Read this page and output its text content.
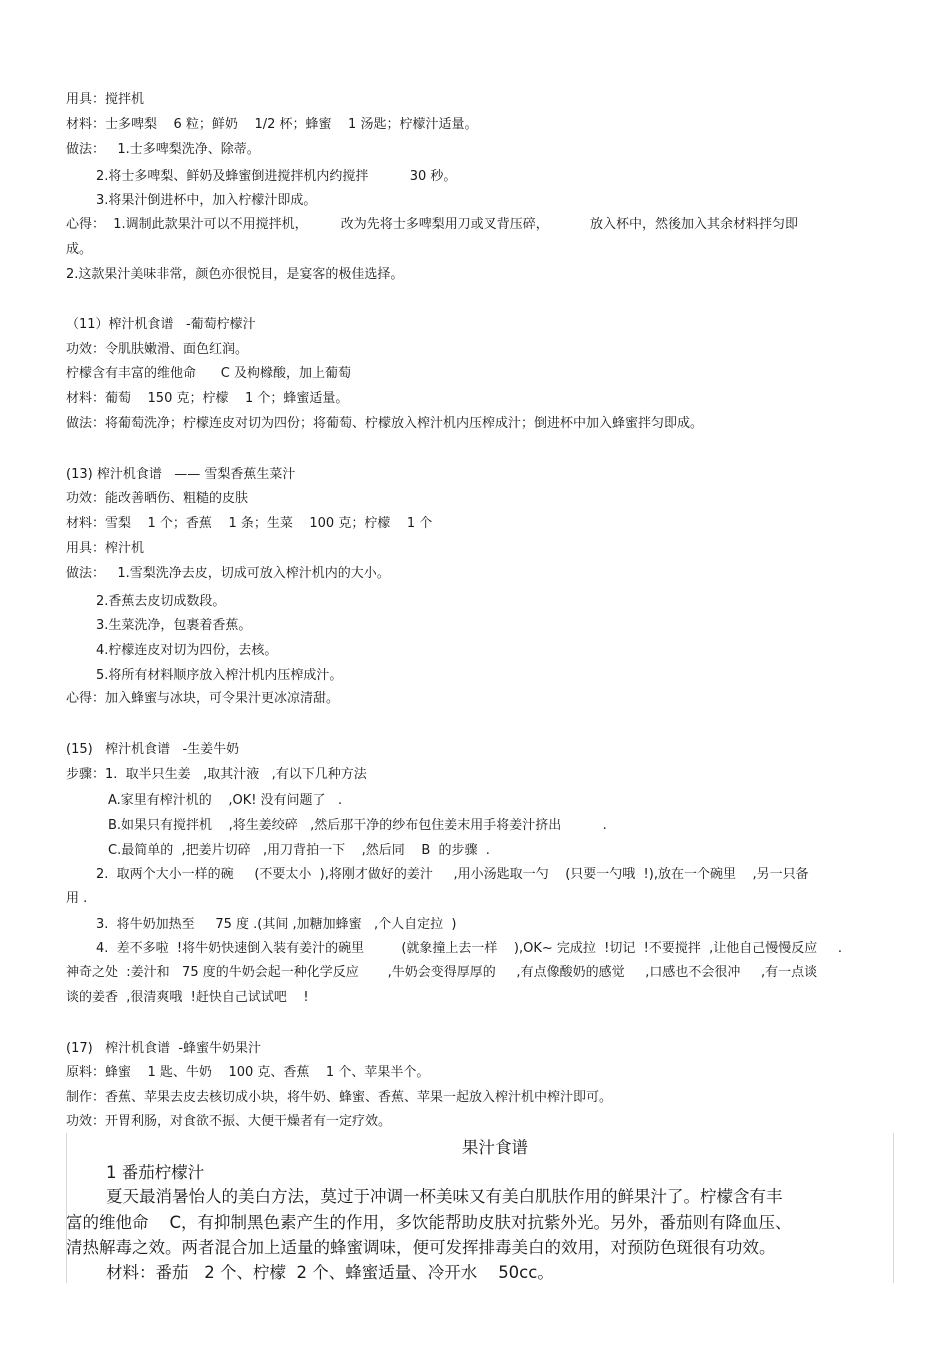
用具：搅拌机
材料：士多啤梨    6 粒；鲜奶    1/2 杯；蜂蜜    1 汤匙；柠檬汁适量。
做法：   1.士多啤梨洗净、除蒂。
2.将士多啤梨、鲜奶及蜂蜜倒进搅拌机内约搅拌          30 秒。
3.将果汁倒进杯中，加入柠檬汁即成。
心得：  1.调制此款果汁可以不用搅拌机，        改为先将士多啤梨用刀或叉背压碎，          放入杯中，然後加入其余材料拌匀即
成。
2.这款果汁美味非常，颜色亦很悦目，是宴客的极佳选择。
（11）榨汁机食谱   -葡萄柠檬汁
功效：令肌肤嫩滑、面色红润。
柠檬含有丰富的维他命      C 及枸橼酸，加上葡萄
材料：葡萄    150 克；柠檬    1 个；蜂蜜适量。
做法：将葡萄洗净；柠檬连皮对切为四份；将葡萄、柠檬放入榨汁机内压榨成汁；倒进杯中加入蜂蜜拌匀即成。
(13) 榨汁机食谱   —— 雪梨香蕉生菜汁
功效：能改善晒伤、粗糙的皮肤
材料：雪梨    1 个；香蕉    1 条；生菜    100 克；柠檬    1 个
用具：榨汁机
做法：   1.雪梨洗净去皮，切成可放入榨汁机内的大小。
2.香蕉去皮切成数段。
3.生菜洗净，包裹着香蕉。
4.柠檬连皮对切为四份，去核。
5.将所有材料顺序放入榨汁机内压榨成汁。
心得：加入蜂蜜与冰块，可令果汁更冰凉清甜。
(15)   榨汁机食谱   -生姜牛奶
步骤：1.  取半只生姜   ,取其汁液   ,有以下几种方法
A.家里有榨汁机的    ,OK! 没有问题了   .
B.如果只有搅拌机    ,将生姜绞碎   ,然后那干净的纱布包住姜末用手将姜汁挤出          .
C.最简单的  ,把姜片切碎   ,用刀背拍一下    ,然后同    B  的步骤  .
2.  取两个大小一样的碗     (不要太小  ),将刚才做好的姜汁     ,用小汤匙取一勺    (只要一勺哦  !),放在一个碗里    ,另一只备
用 .
3.  将牛奶加热至     75 度 .(其间 ,加糖加蜂蜜   ,个人自定拉  )
4.  差不多啦  !将牛奶快速倒入装有姜汁的碗里         (就象撞上去一样    ),OK~ 完成拉  !切记  !不要搅拌  ,让他自己慢慢反应     .
神奇之处  :姜汁和   75 度的牛奶会起一种化学反应       ,牛奶会变得厚厚的     ,有点像酸奶的感觉     ,口感也不会很冲     ,有一点谈
谈的姜香  ,很清爽哦  !赶快自己试试吧    !
(17)   榨汁机食谱  -蜂蜜牛奶果汁
原料：蜂蜜    1 匙、牛奶    100 克、香蕉    1 个、苹果半个。
制作：香蕉、苹果去皮去核切成小块，将牛奶、蜂蜜、香蕉、苹果一起放入榨汁机中榨汁即可。
功效：开胃利肠，对食欲不振、大便干燥者有一定疗效。
果汁食谱
1 番茄柠檬汁
夏天最消暑怡人的美白方法，莫过于冲调一杯美味又有美白肌肤作用的鲜果汁了。柠檬含有丰
富的维他命    C，有抑制黑色素产生的作用，多饮能帮助皮肤对抗紫外光。另外，番茄则有降血压、
清热解毒之效。两者混合加上适量的蜂蜜调味，便可发挥排毒美白的效用，对预防色斑很有功效。
材料：番茄   2 个、柠檬  2 个、蜂蜜适量、冷开水    50cc。
